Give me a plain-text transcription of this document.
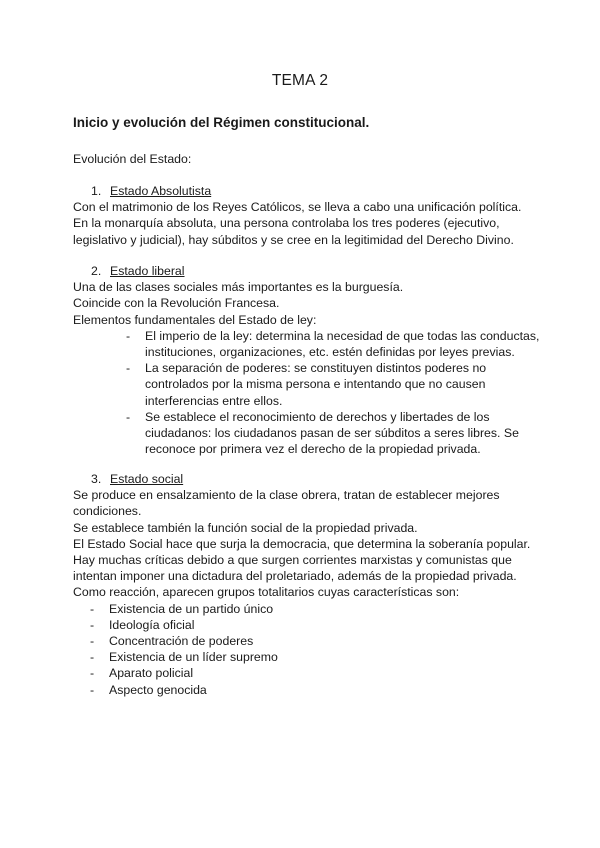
TEMA 2
Inicio y evolución del Régimen constitucional.
Evolución del Estado:
1. Estado Absolutista

Con el matrimonio de los Reyes Católicos, se lleva a cabo una unificación política.

En la monarquía absoluta, una persona controlaba los tres poderes (ejecutivo, legislativo y judicial), hay súbditos y se cree en la legitimidad del Derecho Divino.

2. Estado liberal

Una de las clases sociales más importantes es la burguesía.

Coincide con la Revolución Francesa.

Elementos fundamentales del Estado de ley:

- El imperio de la ley: determina la necesidad de que todas las conductas, instituciones, organizaciones, etc. estén definidas por leyes previas.
- La separación de poderes: se constituyen distintos poderes no controlados por la misma persona e intentando que no causen interferencias entre ellos.
- Se establece el reconocimiento de derechos y libertades de los ciudadanos: los ciudadanos pasan de ser súbditos a seres libres. Se reconoce por primera vez el derecho de la propiedad privada.
3. Estado social

Se produce en ensalzamiento de la clase obrera, tratan de establecer mejores condiciones.

Se establece también la función social de la propiedad privada.

El Estado Social hace que surja la democracia, que determina la soberanía popular.

Hay muchas críticas debido a que surgen corrientes marxistas y comunistas que intentan imponer una dictadura del proletariado, además de la propiedad privada.

Como reacción, aparecen grupos totalitarios cuyas características son:

- Existencia de un partido único
- Ideología oficial
- Concentración de poderes
- Existencia de un líder supremo
- Aparato policial
- Aspecto genocida
